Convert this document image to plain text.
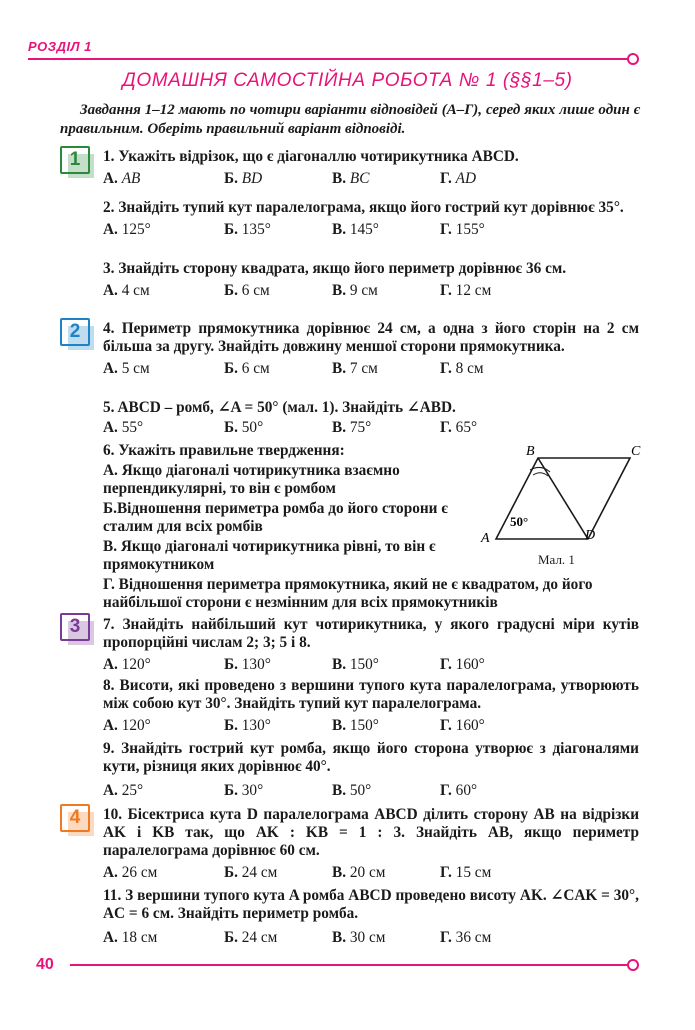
РОЗДІЛ 1
ДОМАШНЯ САМОСТІЙНА РОБОТА № 1 (§§1–5)
Завдання 1–12 мають по чотири варіанти відповідей (А–Г), серед яких лише один є правильним. Оберіть правильний варіант відповіді.
1
2
3
4
1. Укажіть відрізок, що є діагоналлю чотирикутника ABCD.
А. AB	Б. BD	В. BC	Г. AD
2. Знайдіть тупий кут паралелограма, якщо його гострий кут дорівнює 35°.
А. 125°	Б. 135°	В. 145°	Г. 155°
3. Знайдіть сторону квадрата, якщо його периметр дорівнює 36 см.
А. 4 см	Б. 6 см	В. 9 см	Г. 12 см
4. Периметр прямокутника дорівнює 24 см, а одна з його сторін на 2 см більша за другу. Знайдіть довжину меншої сторони прямокутника.
А. 5 см	Б. 6 см	В. 7 см	Г. 8 см
5. ABCD – ромб, ∠A = 50° (мал. 1). Знайдіть ∠ABD.
А. 55°	Б. 50°	В. 75°	Г. 65°
6. Укажіть правильне твердження:
А. Якщо діагоналі чотирикутника взаємно перпендикулярні, то він є ромбом
Б.Відношення периметра ромба до його сторони є сталим для всіх ромбів
В. Якщо діагоналі чотирикутника рівні, то він є прямокутником
Г. Відношення периметра прямокутника, який не є квадратом, до його найбільшої сторони є незмінним для всіх прямокутників
A
B	C
D
50°
Мал. 1
7. Знайдіть найбільший кут чотирикутника, у якого градусні міри кутів пропорційні числам 2; 3; 5 і 8.
А. 120°	Б. 130°	В. 150°	Г. 160°
8. Висоти, які проведено з вершини тупого кута паралелограма, утворюють між собою кут 30°. Знайдіть тупий кут паралелограма.
А. 120°	Б. 130°	В. 150°	Г. 160°
9. Знайдіть гострий кут ромба, якщо його сторона утворює з діагоналями кути, різниця яких дорівнює 40°.
А. 25°	Б. 30°	В. 50°	Г. 60°
10. Бісектриса кута D паралелограма ABCD ділить сторону AB на відрізки AK і KB так, що AK : KB = 1 : 3. Знайдіть AB, якщо периметр паралелограма дорівнює 60 см.
А. 26 см	Б. 24 см	В. 20 см	Г. 15 см
11. З вершини тупого кута A ромба ABCD проведено висоту AK. ∠CAK = 30°, AC = 6 см. Знайдіть периметр ромба.
А. 18 см	Б. 24 см	В. 30 см	Г. 36 см
40
